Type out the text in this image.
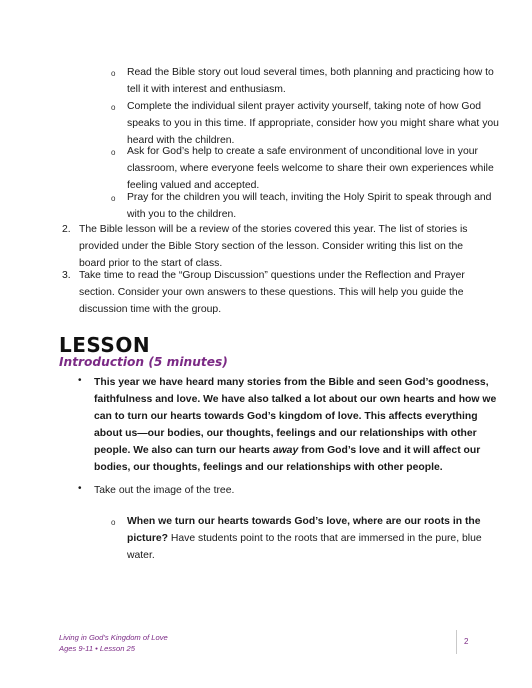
o Read the Bible story out loud several times, both planning and practicing how to
tell it with interest and enthusiasm.
o Complete the individual silent prayer activity yourself, taking note of how God
speaks to you in this time. If appropriate, consider how you might share what you
heard with the children.
o Ask for God’s help to create a safe environment of unconditional love in your
classroom, where everyone feels welcome to share their own experiences while
feeling valued and accepted.
o Pray for the children you will teach, inviting the Holy Spirit to speak through and
with you to the children.
2. The Bible lesson will be a review of the stories covered this year. The list of stories is
provided under the Bible Story section of the lesson. Consider writing this list on the
board prior to the start of class.
3. Take time to read the “Group Discussion” questions under the Reflection and Prayer
section. Consider your own answers to these questions. This will help you guide the
discussion time with the group.
LESSON
Introduction (5 minutes)
• This year we have heard many stories from the Bible and seen God’s goodness,
faithfulness and love. We have also talked a lot about our own hearts and how we
can to turn our hearts towards God’s kingdom of love. This affects everything
about us—our bodies, our thoughts, feelings and our relationships with other
people. We also can turn our hearts away from God’s love and it will affect our
bodies, our thoughts, feelings and our relationships with other people.
• Take out the image of the tree.
o When we turn our hearts towards God’s love, where are our roots in the
picture? Have students point to the roots that are immersed in the pure, blue
water.
Living in God’s Kingdom of Love
Ages 9-11 • Lesson 25
2
